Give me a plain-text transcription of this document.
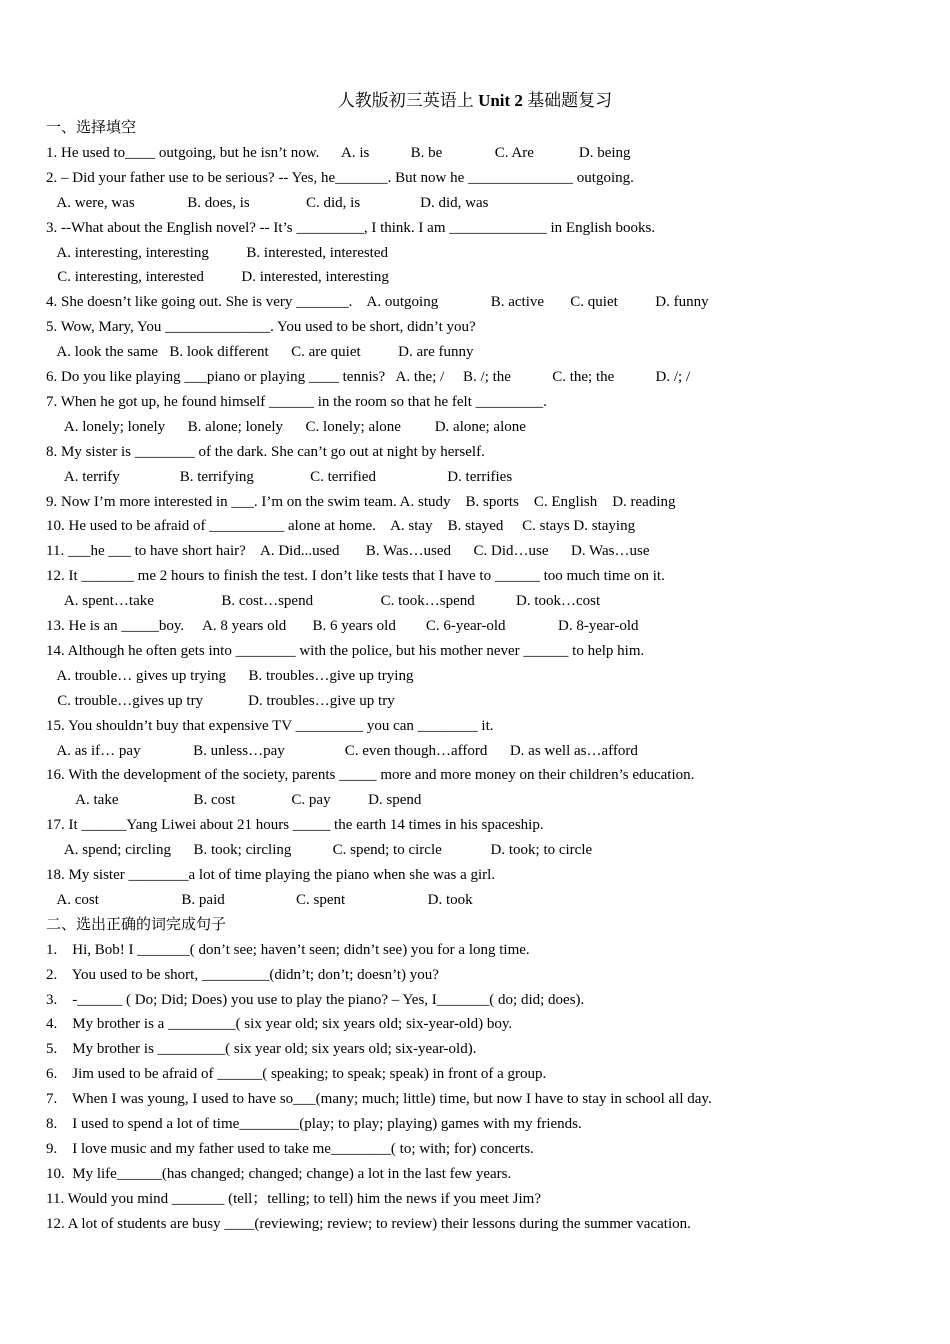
人教版初三英语上 Unit 2 基础题复习
一、选择填空
1. He used to____ outgoing, but he isn’t now.      A. is           B. be              C. Are            D. being
2. – Did your father use to be serious? -- Yes, he_______. But now he ______________ outgoing.
A. were, was              B. does, is               C. did, is                D. did, was
3. --What about the English novel? -- It’s _________, I think. I am _____________ in English books.
A. interesting, interesting          B. interested, interested
C. interesting, interested          D. interested, interesting
4. She doesn’t like going out. She is very _______.    A. outgoing              B. active       C. quiet          D. funny
5. Wow, Mary, You ______________. You used to be short, didn’t you?
A. look the same   B. look different      C. are quiet          D. are funny
6. Do you like playing ___piano or playing ____ tennis?   A. the; /     B. /; the           C. the; the           D. /; /
7. When he got up, he found himself ______ in the room so that he felt _________.
A. lonely; lonely      B. alone; lonely      C. lonely; alone         D. alone; alone
8. My sister is ________ of the dark. She can’t go out at night by herself.
A. terrify                B. terrifying               C. terrified                   D. terrifies
9. Now I’m more interested in ___. I’m on the swim team. A. study    B. sports    C. English    D. reading
10. He used to be afraid of __________ alone at home.    A. stay    B. stayed     C. stays D. staying
11. ___he ___ to have short hair?    A. Did...used       B. Was…used      C. Did…use      D. Was…use
12. It _______ me 2 hours to finish the test. I don’t like tests that I have to ______ too much time on it.
A. spent…take                  B. cost…spend                  C. took…spend           D. took…cost
13. He is an _____boy.     A. 8 years old       B. 6 years old        C. 6-year-old              D. 8-year-old
14. Although he often gets into ________ with the police, but his mother never ______ to help him.
A. trouble… gives up trying      B. troubles…give up trying
C. trouble…gives up try            D. troubles…give up try
15. You shouldn’t buy that expensive TV _________ you can ________ it.
A. as if… pay              B. unless…pay                C. even though…afford      D. as well as…afford
16. With the development of the society, parents _____ more and more money on their children’s education.
A. take                    B. cost               C. pay          D. spend
17. It ______Yang Liwei about 21 hours _____ the earth 14 times in his spaceship.
A. spend; circling      B. took; circling           C. spend; to circle             D. took; to circle
18. My sister ________a lot of time playing the piano when she was a girl.
A. cost                      B. paid                   C. spent                      D. took
二、选出正确的词完成句子
1.    Hi, Bob! I _______( don’t see; haven’t seen; didn’t see) you for a long time.
2.    You used to be short, _________(didn’t; don’t; doesn’t) you?
3.    -______ ( Do; Did; Does) you use to play the piano? – Yes, I_______( do; did; does).
4.    My brother is a _________( six year old; six years old; six-year-old) boy.
5.    My brother is _________( six year old; six years old; six-year-old).
6.    Jim used to be afraid of ______( speaking; to speak; speak) in front of a group.
7.    When I was young, I used to have so___(many; much; little) time, but now I have to stay in school all day.
8.    I used to spend a lot of time________(play; to play; playing) games with my friends.
9.    I love music and my father used to take me________( to; with; for) concerts.
10.  My life______(has changed; changed; change) a lot in the last few years.
11. Would you mind _______ (tell；telling; to tell) him the news if you meet Jim?
12. A lot of students are busy ____(reviewing; review; to review) their lessons during the summer vacation.
